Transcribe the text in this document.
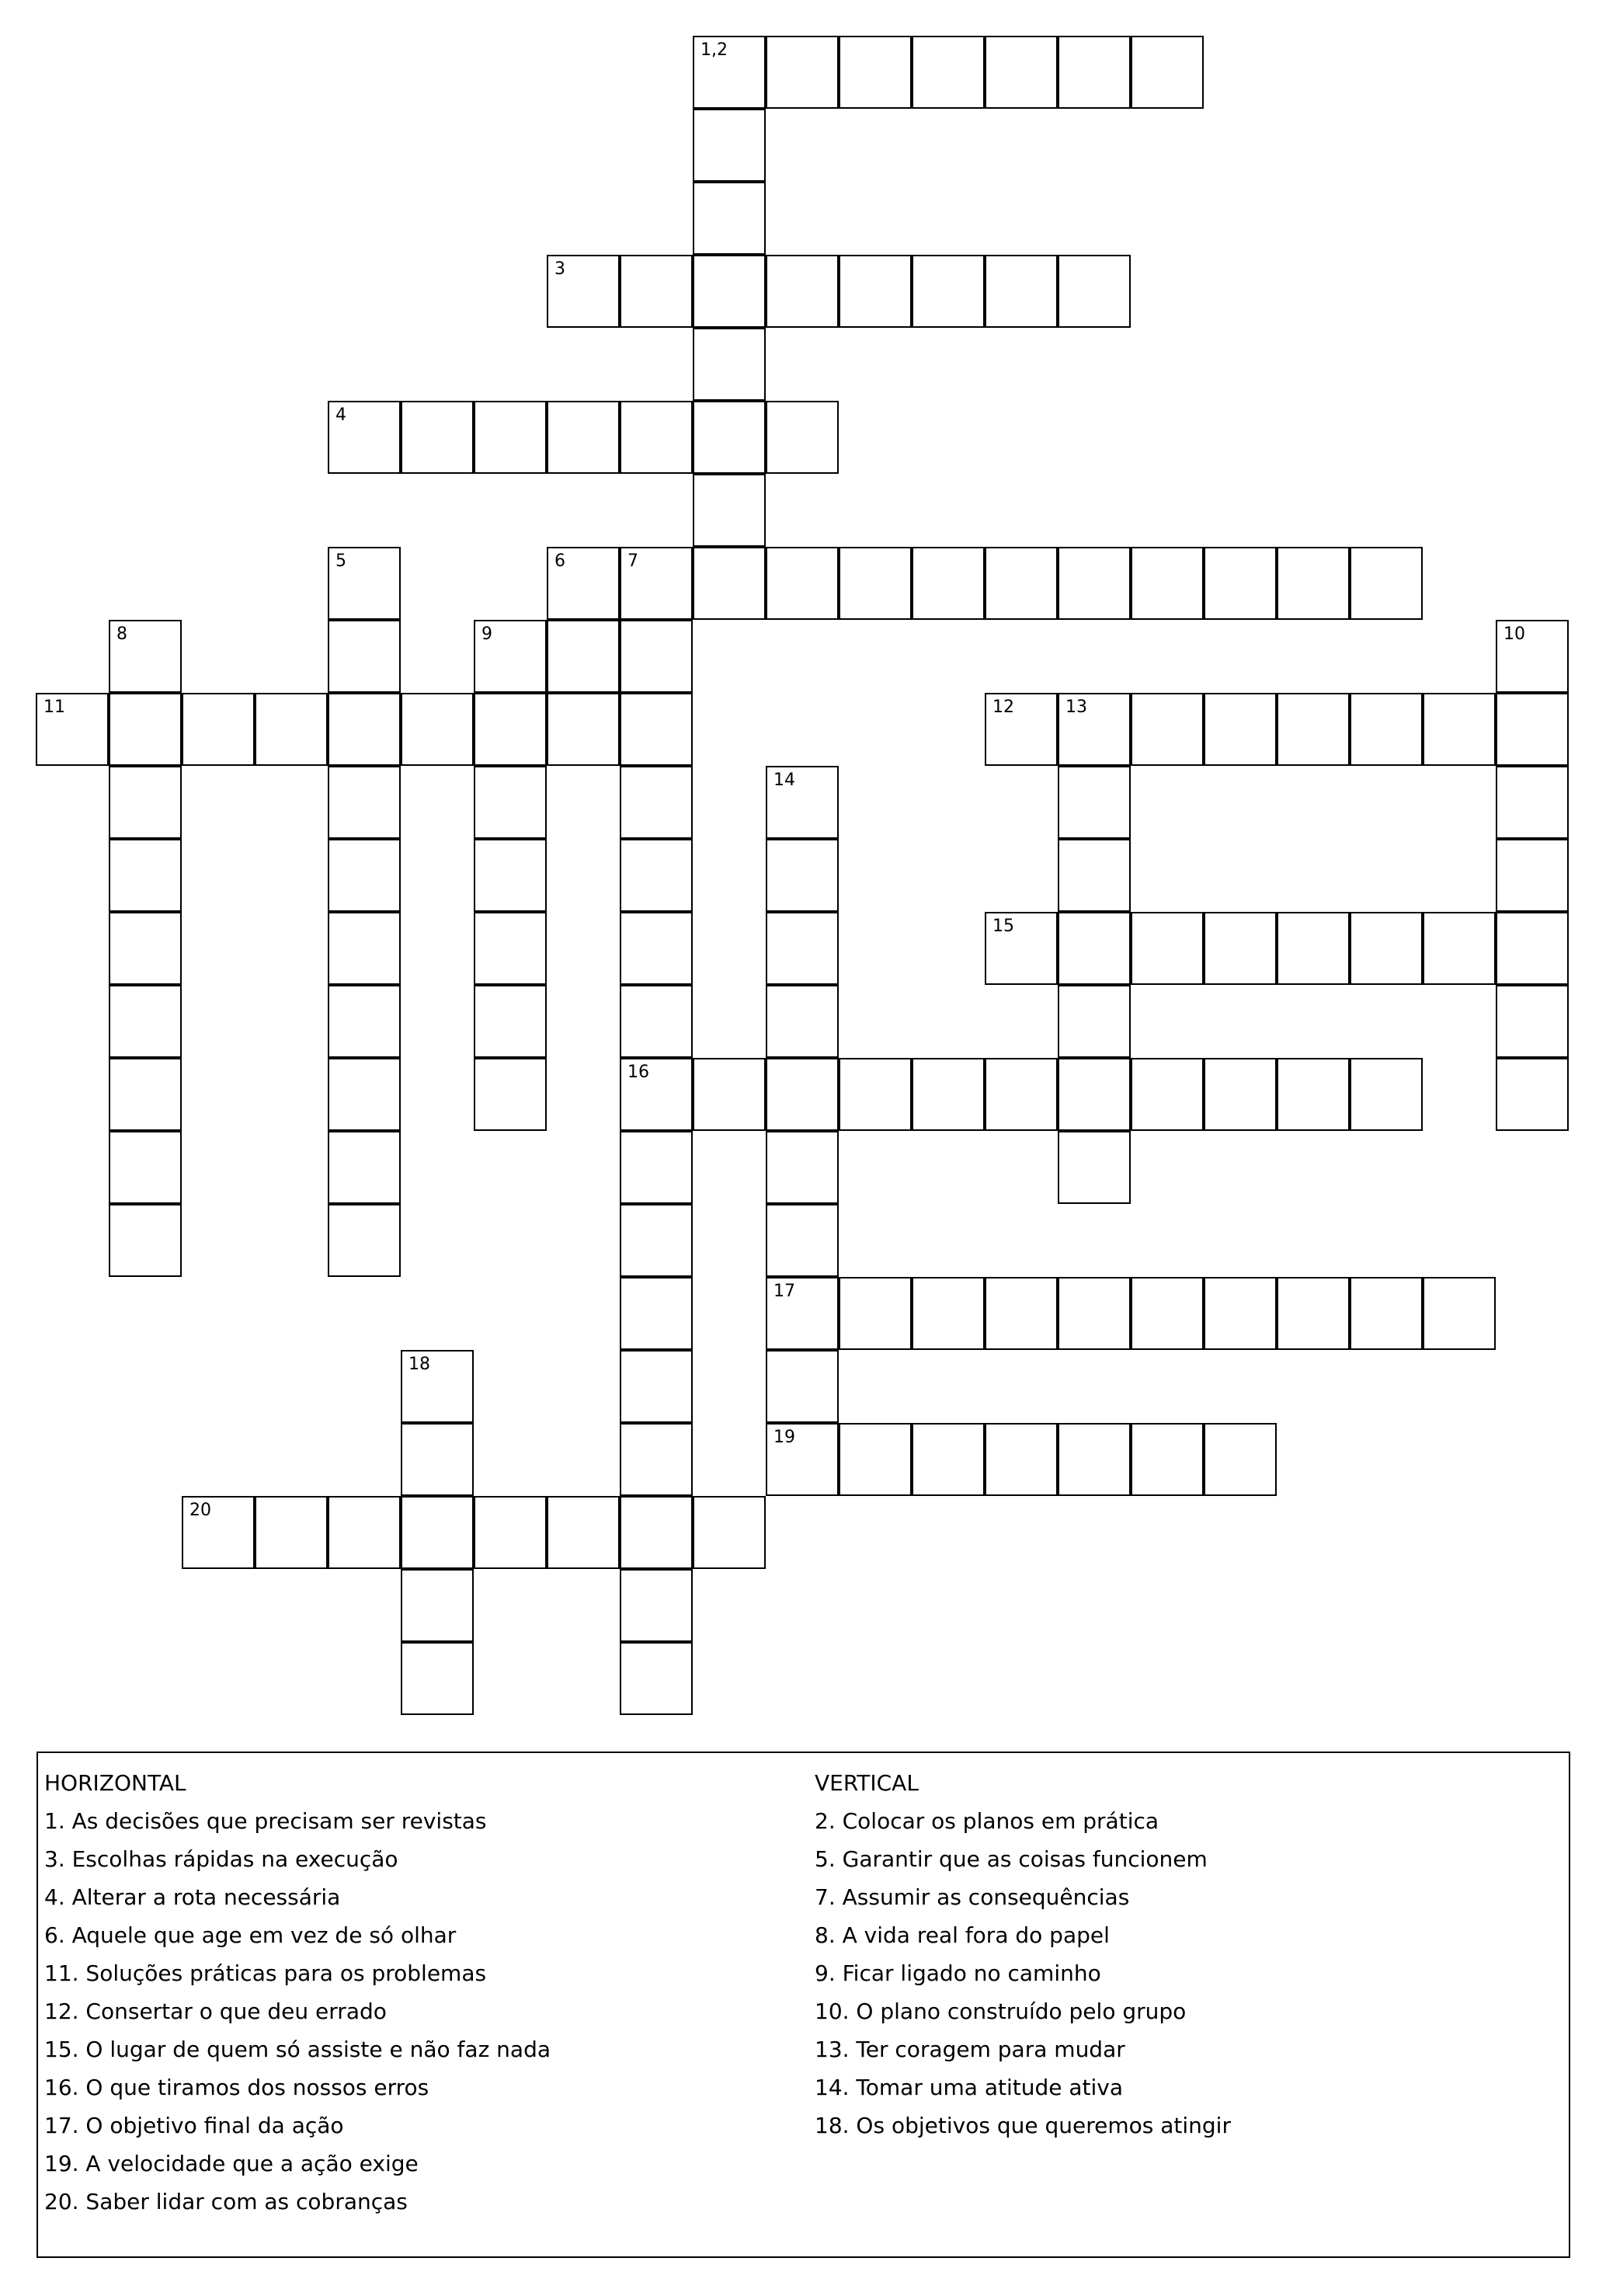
1,2
3
4
5	6	7
8	9	10
11	12	13
14
15
16
17
18
19
20
HORIZONTAL
1. As decisões que precisam ser revistas
3. Escolhas rápidas na execução
4. Alterar a rota necessária
6. Aquele que age em vez de só olhar
11. Soluções práticas para os problemas
12. Consertar o que deu errado
15. O lugar de quem só assiste e não faz nada
16. O que tiramos dos nossos erros
17. O objetivo final da ação
19. A velocidade que a ação exige
20. Saber lidar com as cobranças
VERTICAL
2. Colocar os planos em prática
5. Garantir que as coisas funcionem
7. Assumir as consequências
8. A vida real fora do papel
9. Ficar ligado no caminho
10. O plano construído pelo grupo
13. Ter coragem para mudar
14. Tomar uma atitude ativa
18. Os objetivos que queremos atingir
